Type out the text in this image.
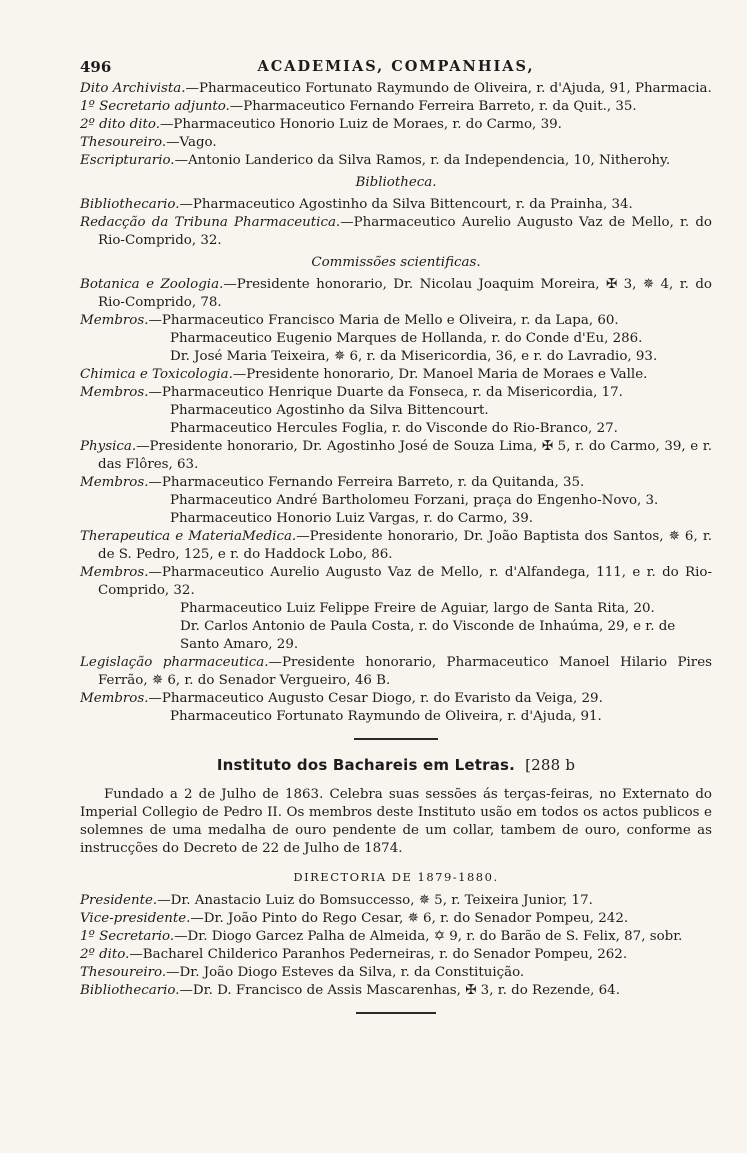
496	ACADEMIAS, COMPANHIAS,

Dito Archivista.—Pharmaceutico Fortunato Raymundo de Oliveira, r. d'Ajuda, 91, Pharmacia.

1º Secretario adjunto.—Pharmaceutico Fernando Ferreira Barreto, r. da Quit., 35.

2º dito dito.—Pharmaceutico Honorio Luiz de Moraes, r. do Carmo, 39.

Thesoureiro.—Vago.

Escripturario.—Antonio Landerico da Silva Ramos, r. da Independencia, 10, Nitherohy.

Bibliotheca.

Bibliothecario.—Pharmaceutico Agostinho da Silva Bittencourt, r. da Prainha, 34.

Redacção da Tribuna Pharmaceutica.—Pharmaceutico Aurelio Augusto Vaz de Mello, r. do Rio-Comprido, 32.

Commissões scientificas.

Botanica e Zoologia.—Presidente honorario, Dr. Nicolau Joaquim Moreira, ✠ 3, ✵ 4, r. do Rio-Comprido, 78.

Membros.—Pharmaceutico Francisco Maria de Mello e Oliveira, r. da Lapa, 60.

Pharmaceutico Eugenio Marques de Hollanda, r. do Conde d'Eu, 286.

Dr. José Maria Teixeira, ✵ 6, r. da Misericordia, 36, e r. do Lavradio, 93.

Chimica e Toxicologia.—Presidente honorario, Dr. Manoel Maria de Moraes e Valle.

Membros.—Pharmaceutico Henrique Duarte da Fonseca, r. da Misericordia, 17.

Pharmaceutico Agostinho da Silva Bittencourt.

Pharmaceutico Hercules Foglia, r. do Visconde do Rio-Branco, 27.

Physica.—Presidente honorario, Dr. Agostinho José de Souza Lima, ✠ 5, r. do Carmo, 39, e r. das Flôres, 63.

Membros.—Pharmaceutico Fernando Ferreira Barreto, r. da Quitanda, 35.

Pharmaceutico André Bartholomeu Forzani, praça do Engenho-Novo, 3.

Pharmaceutico Honorio Luiz Vargas, r. do Carmo, 39.

Therapeutica e MateriaMedica.—Presidente honorario, Dr. João Baptista dos Santos, ✵ 6, r. de S. Pedro, 125, e r. do Haddock Lobo, 86.

Membros.—Pharmaceutico Aurelio Augusto Vaz de Mello, r. d'Alfandega, 111, e r. do Rio-Comprido, 32.

Pharmaceutico Luiz Felippe Freire de Aguiar, largo de Santa Rita, 20.

Dr. Carlos Antonio de Paula Costa, r. do Visconde de Inhaúma, 29, e r. de Santo Amaro, 29.

Legislação pharmaceutica.—Presidente honorario, Pharmaceutico Manoel Hilario Pires Ferrão, ✵ 6, r. do Senador Vergueiro, 46 B.

Membros.—Pharmaceutico Augusto Cesar Diogo, r. do Evaristo da Veiga, 29.

Pharmaceutico Fortunato Raymundo de Oliveira, r. d'Ajuda, 91.

Instituto dos Bachareis em Letras. [288 b

Fundado a 2 de Julho de 1863. Celebra suas sessões ás terças-feiras, no Externato do Imperial Collegio de Pedro II. Os membros deste Instituto usão em todos os actos publicos e solemnes de uma medalha de ouro pendente de um collar, tambem de ouro, conforme as instrucções do Decreto de 22 de Julho de 1874.

DIRECTORIA DE 1879-1880.

Presidente.—Dr. Anastacio Luiz do Bomsuccesso, ✵ 5, r. Teixeira Junior, 17.

Vice-presidente.—Dr. João Pinto do Rego Cesar, ✵ 6, r. do Senador Pompeu, 242.

1º Secretario.—Dr. Diogo Garcez Palha de Almeida, ✡ 9, r. do Barão de S. Felix, 87, sobr.

2º dito.—Bacharel Childerico Paranhos Pederneiras, r. do Senador Pompeu, 262.

Thesoureiro.—Dr. João Diogo Esteves da Silva, r. da Constituição.

Bibliothecario.—Dr. D. Francisco de Assis Mascarenhas, ✠ 3, r. do Rezende, 64.
